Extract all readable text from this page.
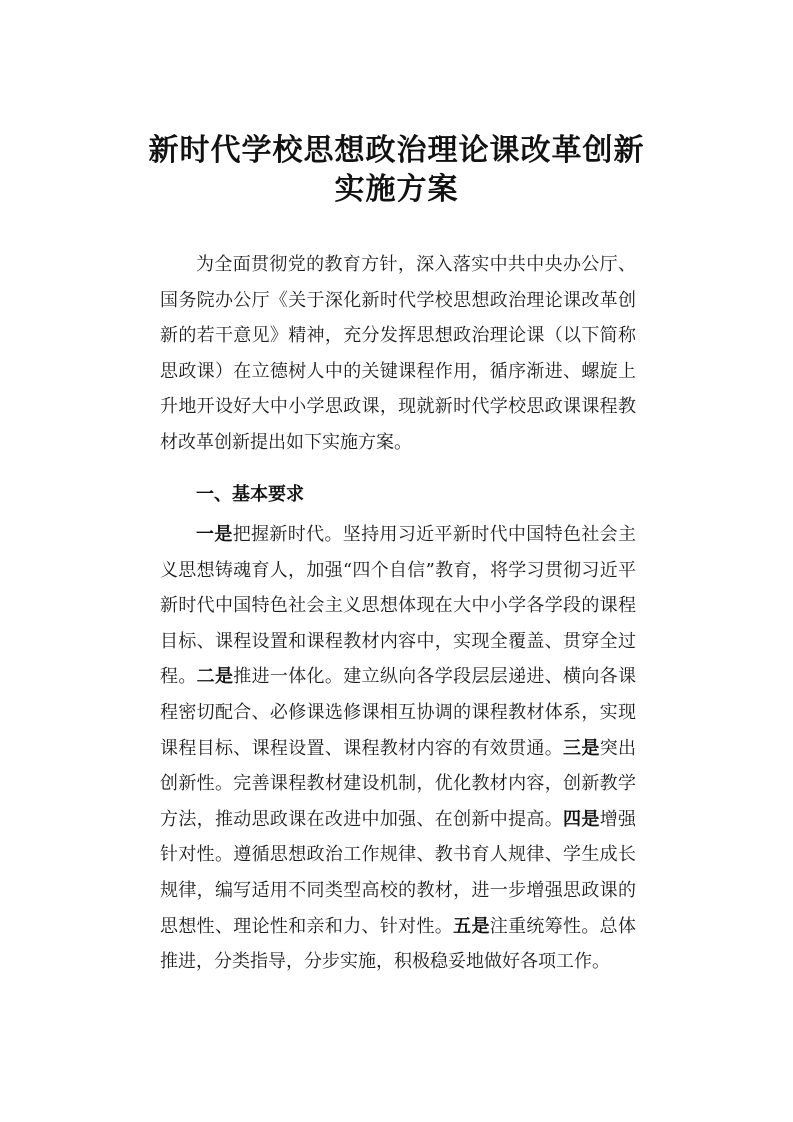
新时代学校思想政治理论课改革创新
实施方案

为全面贯彻党的教育方针，深入落实中共中央办公厅、国务院办公厅《关于深化新时代学校思想政治理论课改革创新的若干意见》精神，充分发挥思想政治理论课（以下简称思政课）在立德树人中的关键课程作用，循序渐进、螺旋上升地开设好大中小学思政课，现就新时代学校思政课课程教材改革创新提出如下实施方案。

一、基本要求

一是把握新时代。坚持用习近平新时代中国特色社会主义思想铸魂育人，加强“四个自信”教育，将学习贯彻习近平新时代中国特色社会主义思想体现在大中小学各学段的课程目标、课程设置和课程教材内容中，实现全覆盖、贯穿全过程。二是推进一体化。建立纵向各学段层层递进、横向各课程密切配合、必修课选修课相互协调的课程教材体系，实现课程目标、课程设置、课程教材内容的有效贯通。三是突出创新性。完善课程教材建设机制，优化教材内容，创新教学方法，推动思政课在改进中加强、在创新中提高。四是增强针对性。遵循思想政治工作规律、教书育人规律、学生成长规律，编写适用不同类型高校的教材，进一步增强思政课的思想性、理论性和亲和力、针对性。五是注重统筹性。总体推进，分类指导，分步实施，积极稳妥地做好各项工作。
